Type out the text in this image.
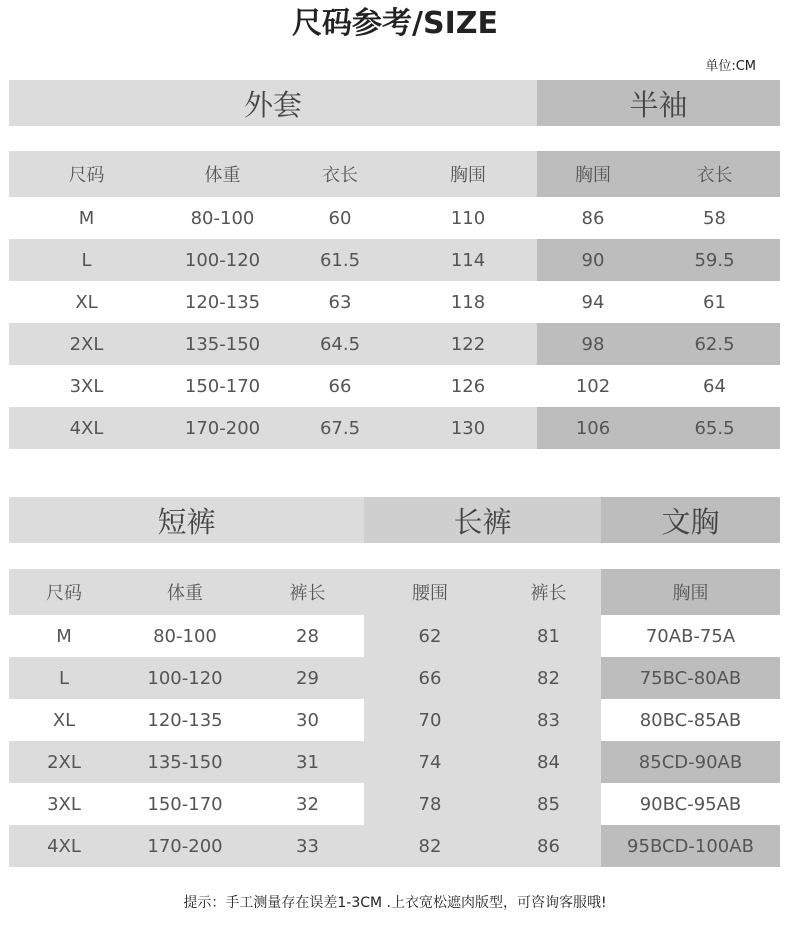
尺码参考/SIZE
单位:CM
外套	半袖
尺码	体重	衣长	胸围	胸围	衣长
M	80-100	60	110	86	58
L	100-120	61.5	114	90	59.5
XL	120-135	63	118	94	61
2XL	135-150	64.5	122	98	62.5
3XL	150-170	66	126	102	64
4XL	170-200	67.5	130	106	65.5
短裤	长裤	文胸
尺码	体重	裤长	腰围	裤长	胸围
M	80-100	28	62	81	70AB-75A
L	100-120	29	66	82	75BC-80AB
XL	120-135	30	70	83	80BC-85AB
2XL	135-150	31	74	84	85CD-90AB
3XL	150-170	32	78	85	90BC-95AB
4XL	170-200	33	82	86	95BCD-100AB
提示：手工测量存在误差1-3CM .上衣宽松遮肉版型，可咨询客服哦!
